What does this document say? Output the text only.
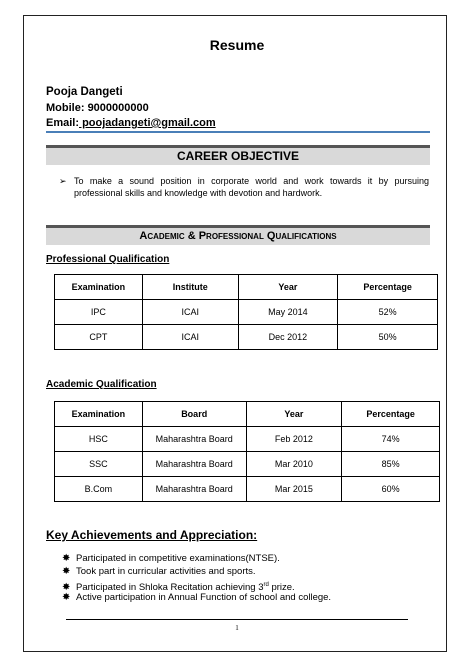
Resume
Pooja Dangeti
Mobile: 9000000000
Email: poojadangeti@gmail.com
CAREER OBJECTIVE
➢ To make a sound position in corporate world and work towards it by pursuing professional skills and knowledge with devotion and hardwork.
Academic & Professional Qualifications
Professional Qualification
Examination	Institute	Year	Percentage
IPC	ICAI	May 2014	52%
CPT	ICAI	Dec 2012	50%
Academic Qualification
Examination	Board	Year	Percentage
HSC	Maharashtra Board	Feb 2012	74%
SSC	Maharashtra Board	Mar 2010	85%
B.Com	Maharashtra Board	Mar 2015	60%
Key Achievements and Appreciation:
✸ Participated in competitive examinations(NTSE).
✸ Took part in curricular activities and sports.
✸ Participated in Shloka Recitation achieving 3rd prize.
✸ Active participation in Annual Function of school and college.
1
